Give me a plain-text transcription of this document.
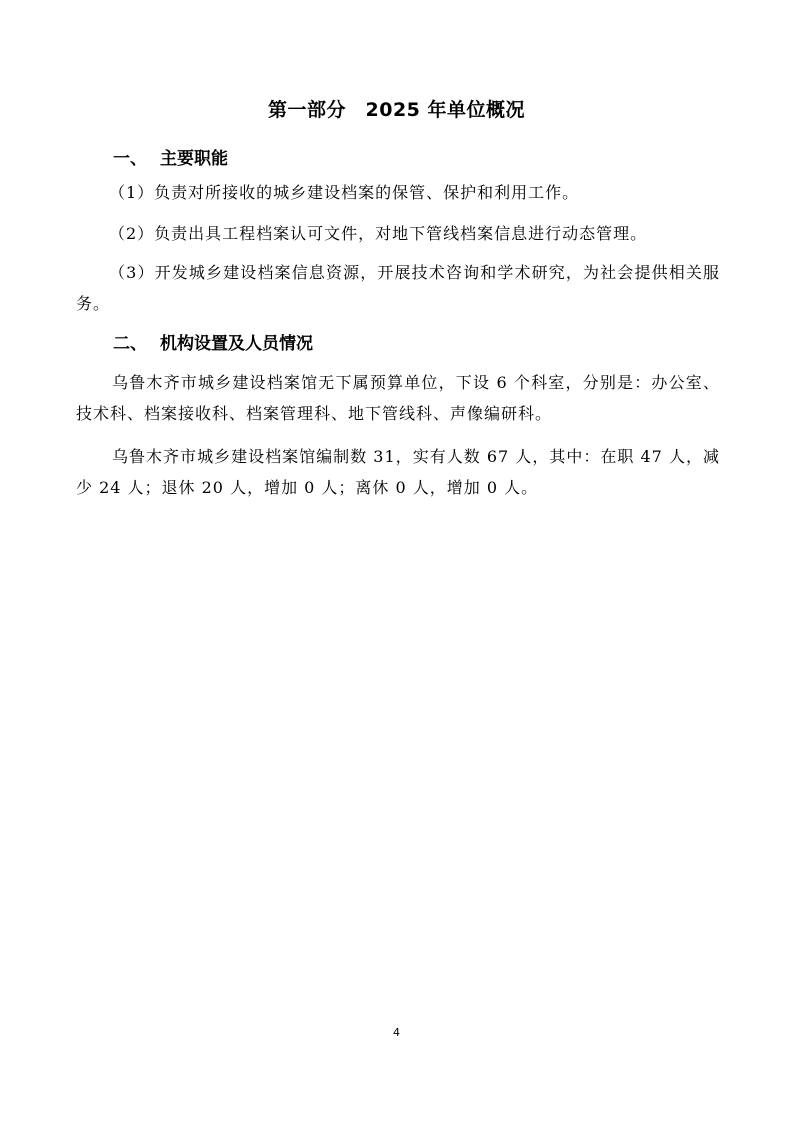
第一部分　2025 年单位概况
一、 主要职能
（1）负责对所接收的城乡建设档案的保管、保护和利用工作。
（2）负责出具工程档案认可文件，对地下管线档案信息进行动态管理。
（3）开发城乡建设档案信息资源，开展技术咨询和学术研究，为社会提供相关服务。
二、 机构设置及人员情况
乌鲁木齐市城乡建设档案馆无下属预算单位，下设 6 个科室，分别是：办公室、技术科、档案接收科、档案管理科、地下管线科、声像编研科。
乌鲁木齐市城乡建设档案馆编制数 31，实有人数 67 人，其中：在职 47 人，减少 24 人；退休 20 人，增加 0 人；离休 0 人，增加 0 人。
4
